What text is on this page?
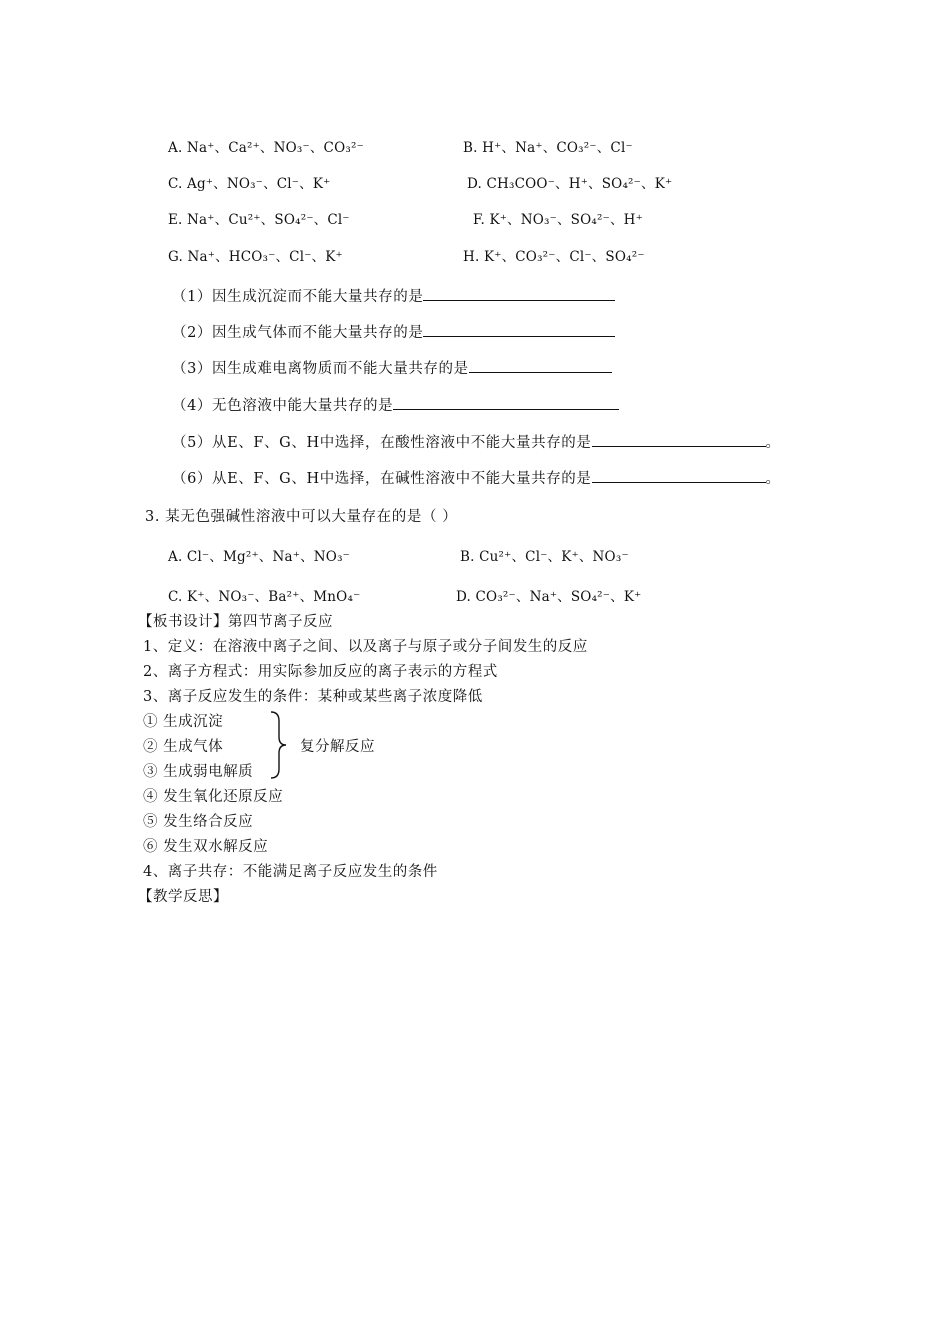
A. Na⁺、Ca²⁺、NO₃⁻、CO₃²⁻	B. H⁺、Na⁺、CO₃²⁻、Cl⁻
C. Ag⁺、NO₃⁻、Cl⁻、K⁺	D. CH₃COO⁻、H⁺、SO₄²⁻、K⁺
E. Na⁺、Cu²⁺、SO₄²⁻、Cl⁻	F. K⁺、NO₃⁻、SO₄²⁻、H⁺
G. Na⁺、HCO₃⁻、Cl⁻、K⁺	H. K⁺、CO₃²⁻、Cl⁻、SO₄²⁻
（1）因生成沉淀而不能大量共存的是
（2）因生成气体而不能大量共存的是
（3）因生成难电离物质而不能大量共存的是
（4）无色溶液中能大量共存的是
（5）从E、F、G、H中选择，在酸性溶液中不能大量共存的是	。
（6）从E、F、G、H中选择，在碱性溶液中不能大量共存的是	。
3. 某无色强碱性溶液中可以大量存在的是（ ）
A. Cl⁻、Mg²⁺、Na⁺、NO₃⁻	B. Cu²⁺、Cl⁻、K⁺、NO₃⁻
C. K⁺、NO₃⁻、Ba²⁺、MnO₄⁻	D. CO₃²⁻、Na⁺、SO₄²⁻、K⁺
【板书设计】第四节离子反应
1、定义：在溶液中离子之间、以及离子与原子或分子间发生的反应
2、离子方程式：用实际参加反应的离子表示的方程式
3、离子反应发生的条件：某种或某些离子浓度降低
① 生成沉淀
② 生成气体
③ 生成弱电解质
复分解反应
④ 发生氧化还原反应
⑤ 发生络合反应
⑥ 发生双水解反应
4、离子共存：不能满足离子反应发生的条件
【教学反思】
